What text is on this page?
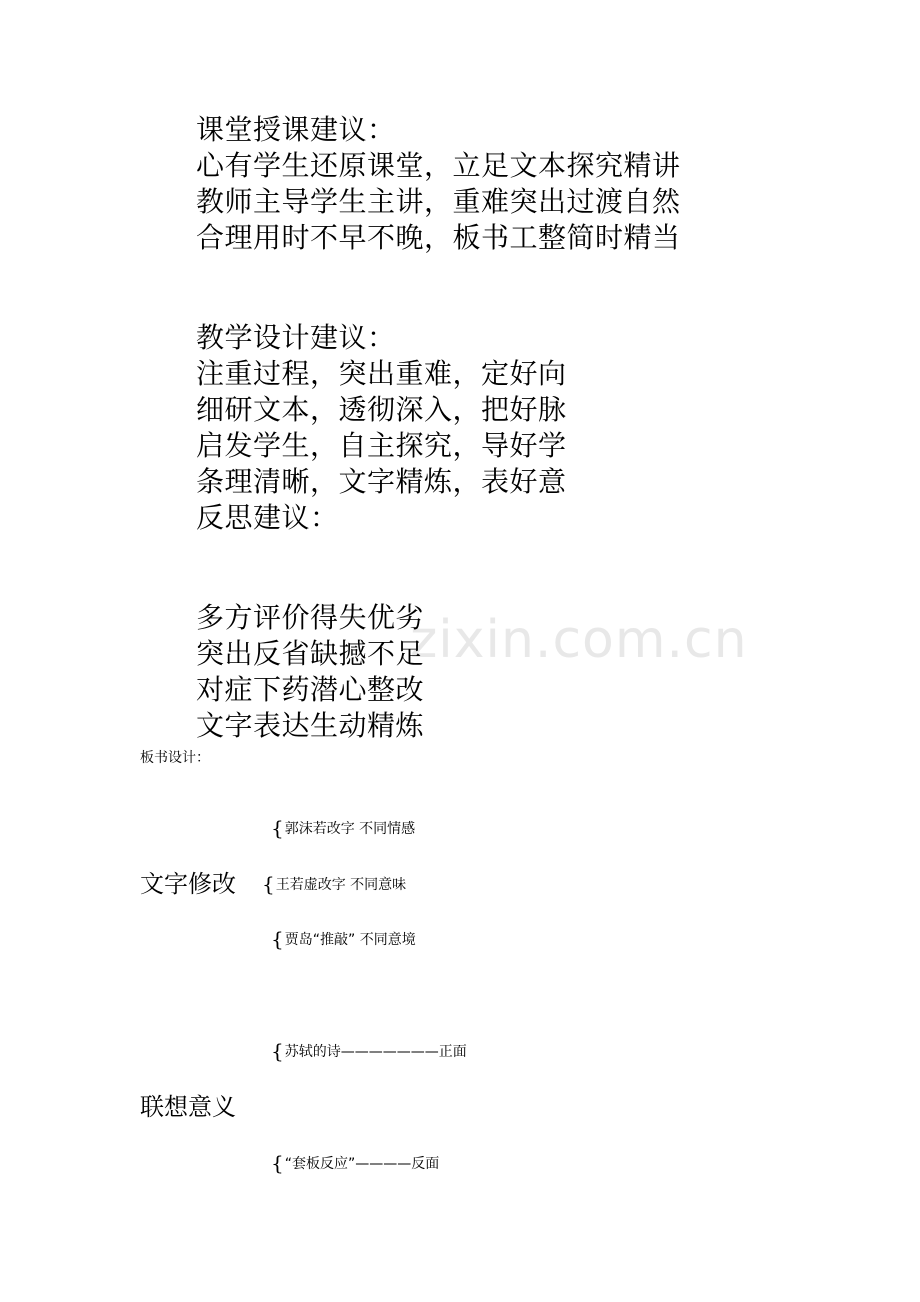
zixin.com.cn
课堂授课建议：
心有学生还原课堂，立足文本探究精讲
教师主导学生主讲，重难突出过渡自然
合理用时不早不晚，板书工整简时精当
教学设计建议：
注重过程，突出重难，定好向
细研文本，透彻深入，把好脉
启发学生，自主探究，导好学
条理清晰，文字精炼，表好意
反思建议：
多方评价得失优劣
突出反省缺撼不足
对症下药潜心整改
文字表达生动精炼
板书设计：
{郭沫若改字 不同情感
文字修改 {王若虚改字 不同意味
{贾岛“推敲” 不同意境
{苏轼的诗———————正面
联想意义
{“套板反应”————反面
